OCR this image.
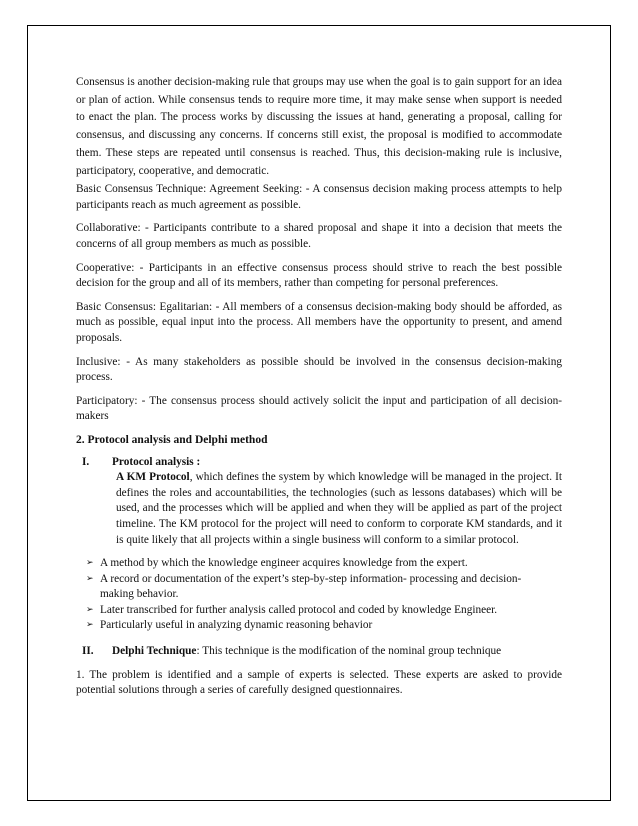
Consensus is another decision-making rule that groups may use when the goal is to gain support for an idea or plan of action. While consensus tends to require more time, it may make sense when support is needed to enact the plan. The process works by discussing the issues at hand, generating a proposal, calling for consensus, and discussing any concerns. If concerns still exist, the proposal is modified to accommodate them. These steps are repeated until consensus is reached. Thus, this decision-making rule is inclusive, participatory, cooperative, and democratic.

Basic Consensus Technique: Agreement Seeking: - A consensus decision making process attempts to help participants reach as much agreement as possible.

Collaborative: - Participants contribute to a shared proposal and shape it into a decision that meets the concerns of all group members as much as possible.

Cooperative: - Participants in an effective consensus process should strive to reach the best possible decision for the group and all of its members, rather than competing for personal preferences.

Basic Consensus: Egalitarian: - All members of a consensus decision-making body should be afforded, as much as possible, equal input into the process. All members have the opportunity to present, and amend proposals.

Inclusive: - As many stakeholders as possible should be involved in the consensus decision-making process.

Participatory: - The consensus process should actively solicit the input and participation of all decision-makers

2. Protocol analysis and Delphi method
I.	Protocol analysis :
A KM Protocol, which defines the system by which knowledge will be managed in the project. It defines the roles and accountabilities, the technologies (such as lessons databases) which will be used, and the processes which will be applied and when they will be applied as part of the project timeline. The KM protocol for the project will need to conform to corporate KM standards, and it is quite likely that all projects within a single business will conform to a similar protocol.
➢ A method by which the knowledge engineer acquires knowledge from the expert.
➢ A record or documentation of the expert’s step-by-step information- processing and decision-making behavior.
➢ Later transcribed for further analysis called protocol and coded by knowledge Engineer.
➢ Particularly useful in analyzing dynamic reasoning behavior
II.	Delphi Technique: This technique is the modification of the nominal group technique

1. The problem is identified and a sample of experts is selected. These experts are asked to provide potential solutions through a series of carefully designed questionnaires.
